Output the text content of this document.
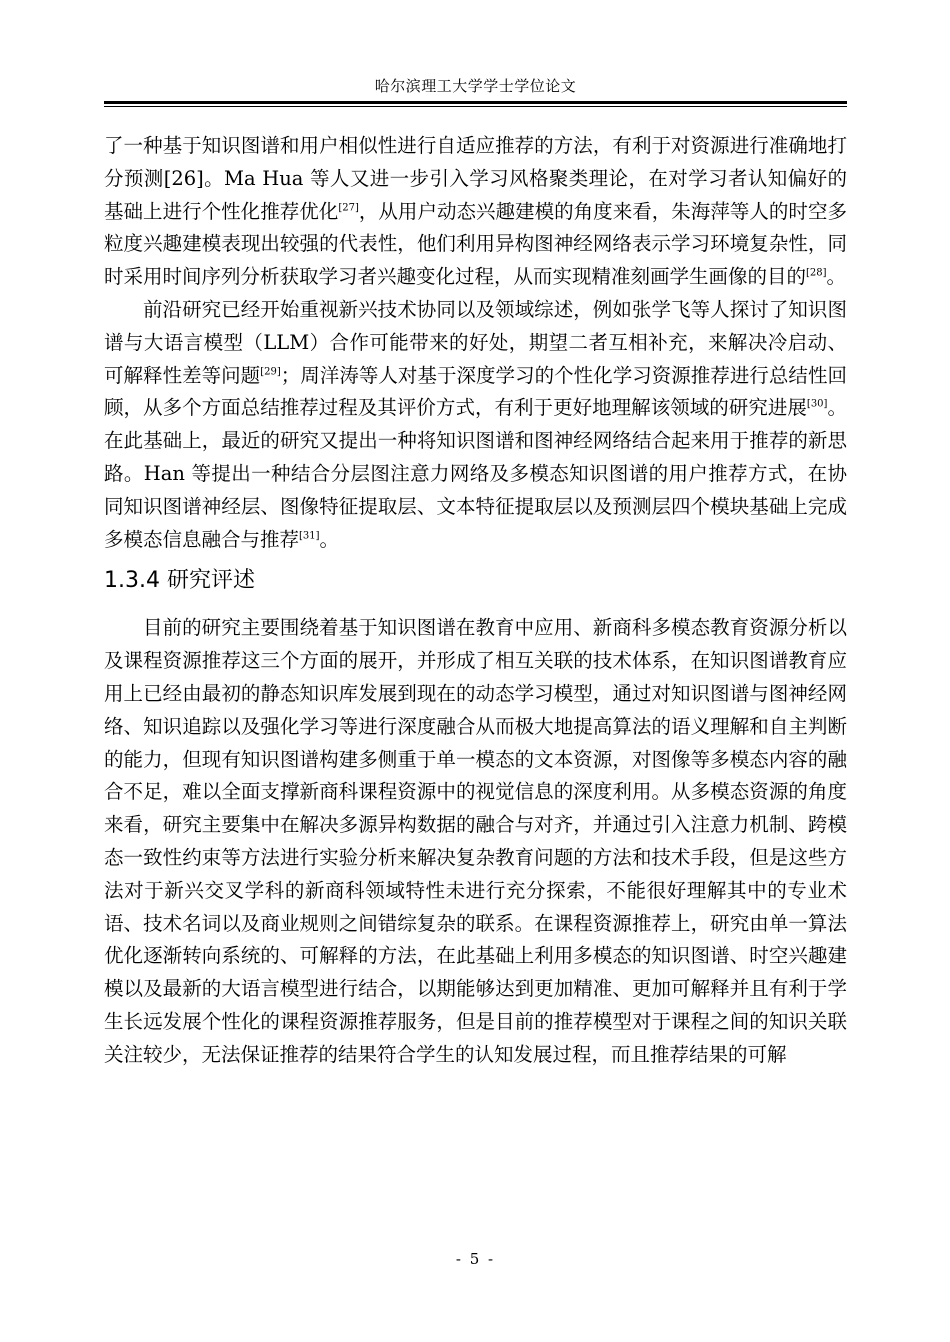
哈尔滨理工大学学士学位论文

了一种基于知识图谱和用户相似性进行自适应推荐的方法，有利于对资源进行准确地打分预测[26]。Ma Hua 等人又进一步引入学习风格聚类理论，在对学习者认知偏好的基础上进行个性化推荐优化[27]，从用户动态兴趣建模的角度来看，朱海萍等人的时空多粒度兴趣建模表现出较强的代表性，他们利用异构图神经网络表示学习环境复杂性，同时采用时间序列分析获取学习者兴趣变化过程，从而实现精准刻画学生画像的目的[28]。

前沿研究已经开始重视新兴技术协同以及领域综述，例如张学飞等人探讨了知识图谱与大语言模型（LLM）合作可能带来的好处，期望二者互相补充，来解决冷启动、可解释性差等问题[29]；周洋涛等人对基于深度学习的个性化学习资源推荐进行总结性回顾，从多个方面总结推荐过程及其评价方式，有利于更好地理解该领域的研究进展[30]。在此基础上，最近的研究又提出一种将知识图谱和图神经网络结合起来用于推荐的新思路。Han 等提出一种结合分层图注意力网络及多模态知识图谱的用户推荐方式，在协同知识图谱神经层、图像特征提取层、文本特征提取层以及预测层四个模块基础上完成多模态信息融合与推荐[31]。

1.3.4 研究评述

目前的研究主要围绕着基于知识图谱在教育中应用、新商科多模态教育资源分析以及课程资源推荐这三个方面的展开，并形成了相互关联的技术体系，在知识图谱教育应用上已经由最初的静态知识库发展到现在的动态学习模型，通过对知识图谱与图神经网络、知识追踪以及强化学习等进行深度融合从而极大地提高算法的语义理解和自主判断的能力，但现有知识图谱构建多侧重于单一模态的文本资源，对图像等多模态内容的融合不足，难以全面支撑新商科课程资源中的视觉信息的深度利用。从多模态资源的角度来看，研究主要集中在解决多源异构数据的融合与对齐，并通过引入注意力机制、跨模态一致性约束等方法进行实验分析来解决复杂教育问题的方法和技术手段，但是这些方法对于新兴交叉学科的新商科领域特性未进行充分探索，不能很好理解其中的专业术语、技术名词以及商业规则之间错综复杂的联系。在课程资源推荐上，研究由单一算法优化逐渐转向系统的、可解释的方法，在此基础上利用多模态的知识图谱、时空兴趣建模以及最新的大语言模型进行结合，以期能够达到更加精准、更加可解释并且有利于学生长远发展个性化的课程资源推荐服务，但是目前的推荐模型对于课程之间的知识关联关注较少，无法保证推荐的结果符合学生的认知发展过程，而且推荐结果的可解

- 5 -
